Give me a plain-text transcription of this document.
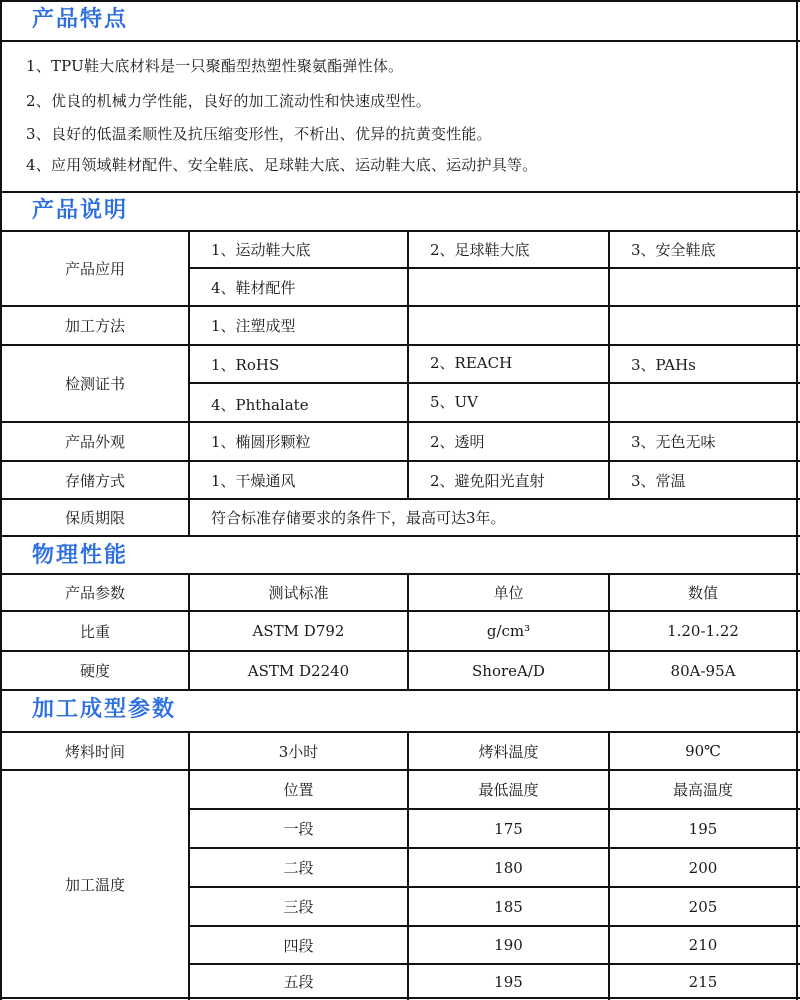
产品特点
1、TPU鞋大底材料是一只聚酯型热塑性聚氨酯弹性体。
2、优良的机械力学性能，良好的加工流动性和快速成型性。
3、良好的低温柔顺性及抗压缩变形性，不析出、优异的抗黄变性能。
4、应用领域鞋材配件、安全鞋底、足球鞋大底、运动鞋大底、运动护具等。
产品说明
产品应用
1、运动鞋大底	2、足球鞋大底	3、安全鞋底
4、鞋材配件
加工方法	1、注塑成型
检测证书
1、RoHS	2、REACH	3、PAHs
4、Phthalate	5、UV
产品外观	1、椭圆形颗粒	2、透明	3、无色无味
存储方式	1、干燥通风	2、避免阳光直射	3、常温
保质期限	符合标准存储要求的条件下，最高可达3年。
物理性能
产品参数	测试标准	单位	数值
比重	ASTM D792	g/cm³	1.20-1.22
硬度	ASTM D2240	ShoreA/D	80A-95A
加工成型参数
烤料时间	3小时	烤料温度	90℃
加工温度
位置	最低温度	最高温度
一段	175	195
二段	180	200
三段	185	205
四段	190	210
五段	195	215
